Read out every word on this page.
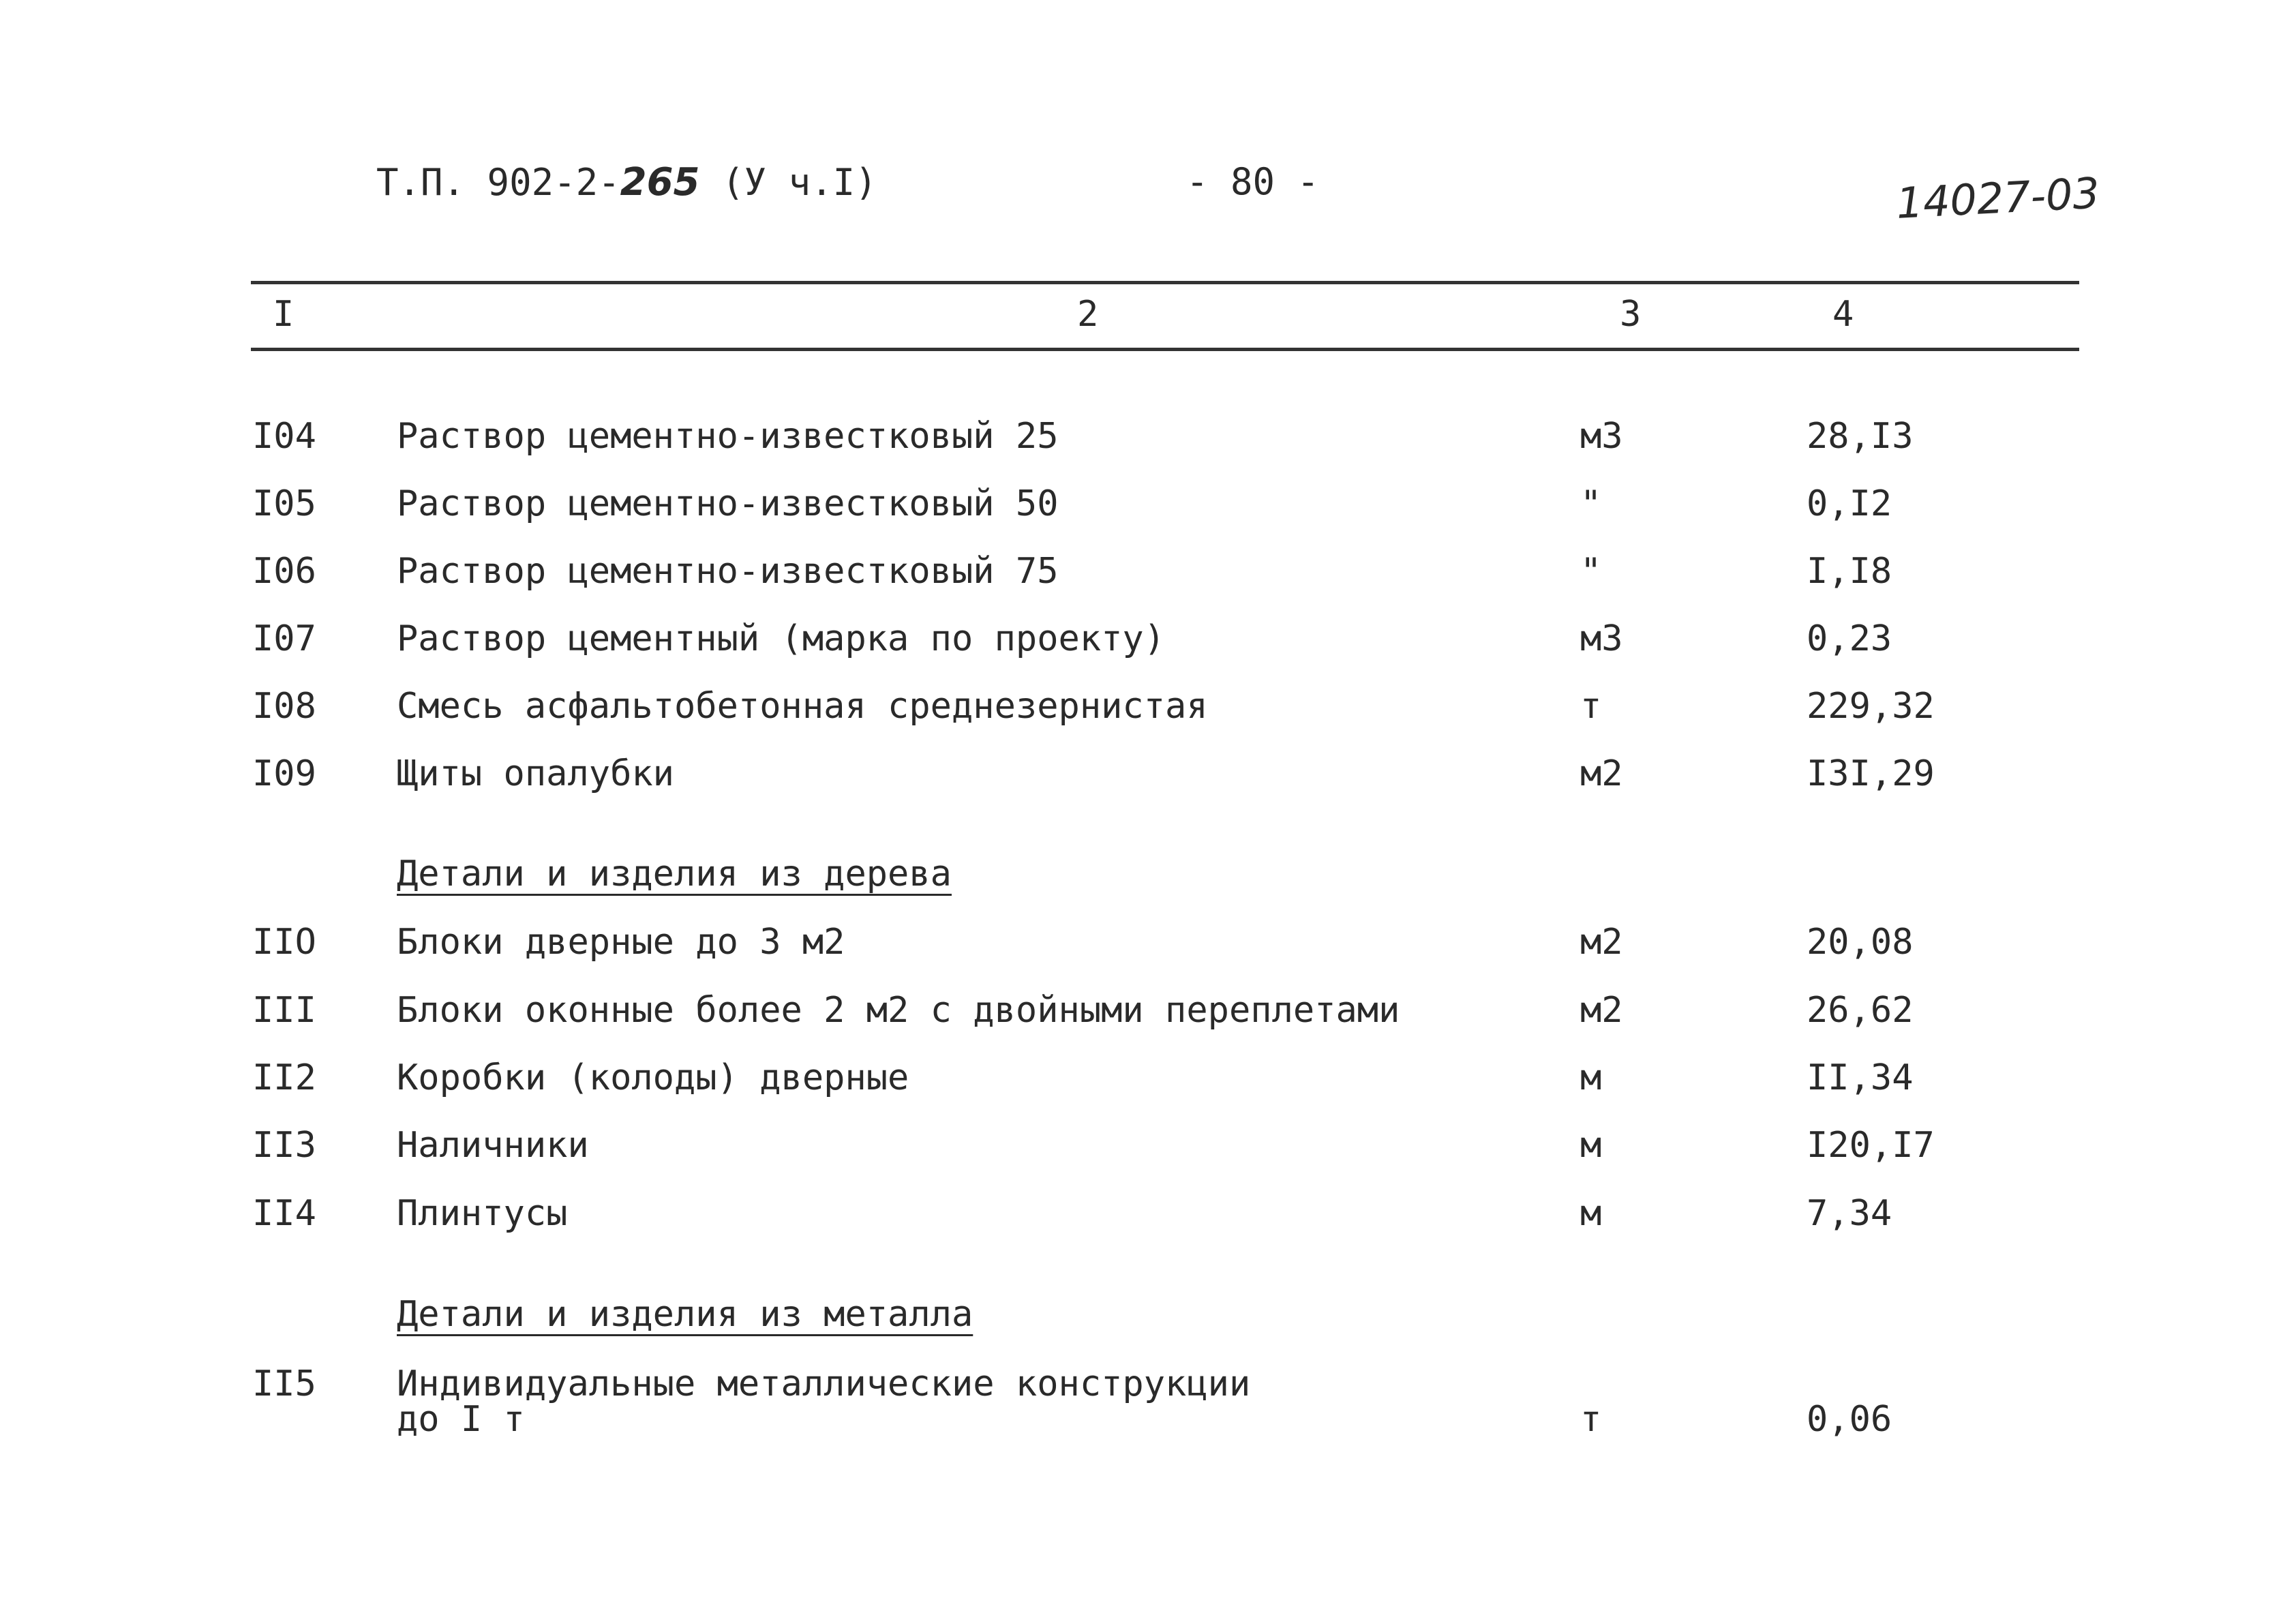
Т.П. 902-2-265 (У ч.I)	- 80 -	14027-03
I	2	3	4
I04 Раствор цементно-известковый 25	м3	28,I3
I05 Раствор цементно-известковый 50	"	0,I2
I06 Раствор цементно-известковый 75	"	I,I8
I07 Раствор цементный (марка по проекту)	м3	0,23
I08 Смесь асфальтобетонная среднезернистая	т	229,32
I09 Щиты опалубки	м2	I3I,29
Детали и изделия из дерева
IIO Блоки дверные до 3 м2	м2	20,08
III Блоки оконные более 2 м2 с двойными переплетами	м2	26,62
II2 Коробки (колоды) дверные	м	II,34
II3 Наличники	м	I20,I7
II4 Плинтусы	м	7,34
Детали и изделия из металла
II5 Индивидуальные металлические конструкции
до I т	т	0,06
